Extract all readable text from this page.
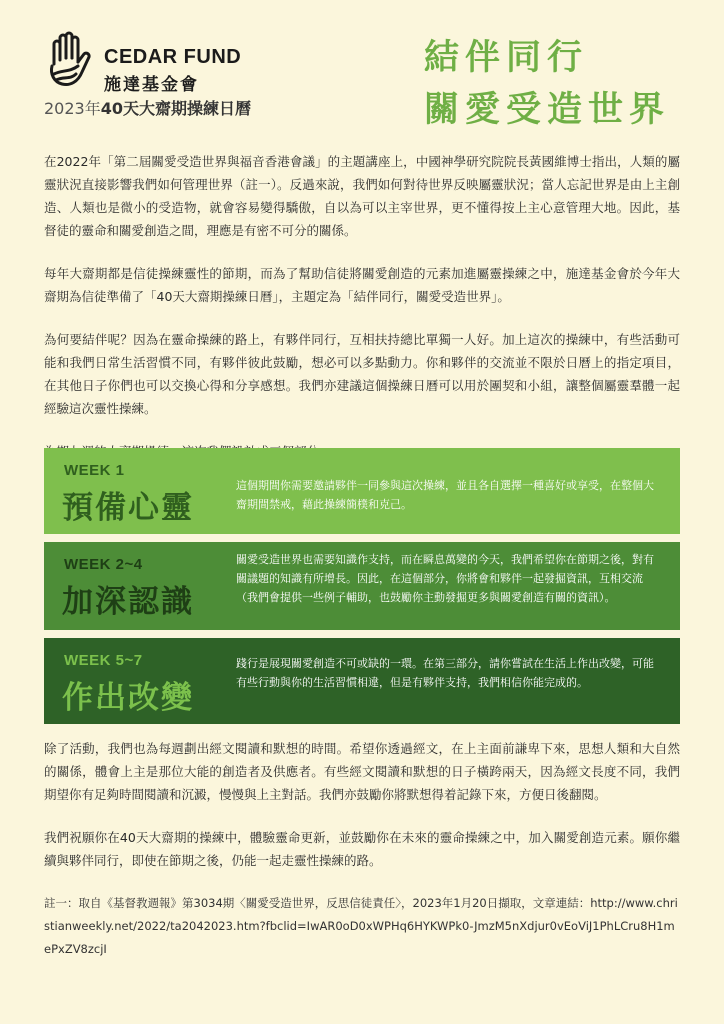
CEDAR FUND
施達基金會
2023年40天大齋期操練日曆
結伴同行
關愛受造世界

在2022年「第二屆關愛受造世界與福音香港會議」的主題講座上，中國神學研究院院長黃國維博士指出，人類的屬靈狀況直接影響我們如何管理世界（註一）。反過來說，我們如何對待世界反映屬靈狀況；當人忘記世界是由上主創造、人類也是微小的受造物，就會容易變得驕傲，自以為可以主宰世界，更不懂得按上主心意管理大地。因此，基督徒的靈命和關愛創造之間，理應是有密不可分的關係。

每年大齋期都是信徒操練靈性的節期，而為了幫助信徒將關愛創造的元素加進屬靈操練之中，施達基金會於今年大齋期為信徒準備了「40天大齋期操練日曆」，主題定為「結伴同行，關愛受造世界」。

為何要結伴呢？因為在靈命操練的路上，有夥伴同行，互相扶持總比單獨一人好。加上這次的操練中，有些活動可能和我們日常生活習慣不同，有夥伴彼此鼓勵，想必可以多點動力。你和夥伴的交流並不限於日曆上的指定項目，在其他日子你們也可以交換心得和分享感想。我們亦建議這個操練日曆可以用於團契和小組，讓整個屬靈羣體一起經驗這次靈性操練。

WEEK 1
預備心靈
這個期間你需要邀請夥伴一同參與這次操練，並且各自選擇一種喜好或享受，在整個大齋期間禁戒，藉此操練簡樸和克己。
WEEK 2~4
加深認識
關愛受造世界也需要知識作支持，而在瞬息萬變的今天，我們希望你在節期之後，對有關議題的知識有所增長。因此，在這個部分，你將會和夥伴一起發掘資訊，互相交流（我們會提供一些例子輔助，也鼓勵你主動發掘更多與關愛創造有關的資訊）。
WEEK 5~7
作出改變
踐行是展現關愛創造不可或缺的一環。在第三部分，請你嘗試在生活上作出改變，可能有些行動與你的生活習慣相違，但是有夥伴支持，我們相信你能完成的。

除了活動，我們也為每週劃出經文閱讀和默想的時間。希望你透過經文，在上主面前謙卑下來，思想人類和大自然的關係，體會上主是那位大能的創造者及供應者。有些經文閱讀和默想的日子橫跨兩天，因為經文長度不同，我們期望你有足夠時間閱讀和沉澱，慢慢與上主對話。我們亦鼓勵你將默想得着記錄下來，方便日後翻閱。

我們祝願你在40天大齋期的操練中，體驗靈命更新，並鼓勵你在未來的靈命操練之中，加入關愛創造元素。願你繼續與夥伴同行，即使在節期之後，仍能一起走靈性操練的路。

註一：取自《基督教週報》第3034期〈關愛受造世界，反思信徒責任〉，2023年1月20日擷取，文章連結：http://www.christianweekly.net/2022/ta2042023.htm?fbclid=IwAR0oD0xWPHq6HYKWPk0-JmzM5nXdjur0vEoViJ1PhLCru8H1mePxZV8zcjI
